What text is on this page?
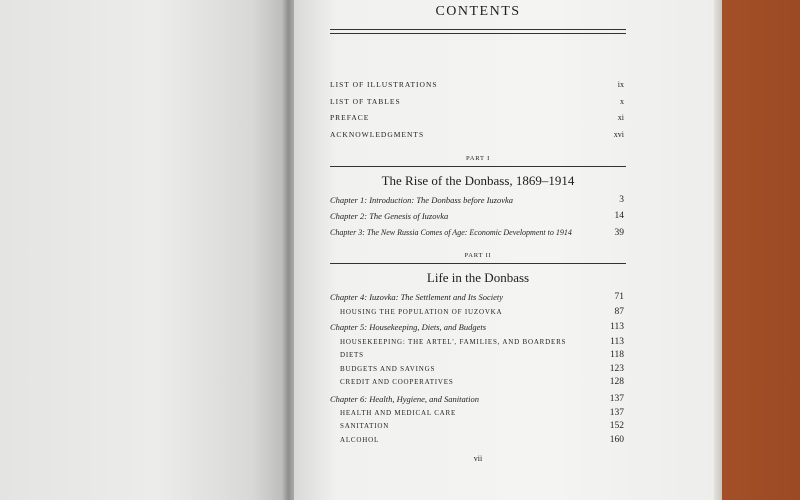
CONTENTS
LIST OF ILLUSTRATIONS	ix
LIST OF TABLES	x
PREFACE	xi
ACKNOWLEDGMENTS	xvi
PART I
The Rise of the Donbass, 1869–1914
Chapter 1: Introduction: The Donbass before Iuzovka	3
Chapter 2: The Genesis of Iuzovka	14
Chapter 3: The New Russia Comes of Age: Economic Development to 1914	39
PART II
Life in the Donbass
Chapter 4: Iuzovka: The Settlement and Its Society	71
HOUSING THE POPULATION OF IUZOVKA	87
Chapter 5: Housekeeping, Diets, and Budgets	113
HOUSEKEEPING: THE ARTEL', FAMILIES, AND BOARDERS	113
DIETS	118
BUDGETS AND SAVINGS	123
CREDIT AND COOPERATIVES	128
Chapter 6: Health, Hygiene, and Sanitation	137
HEALTH AND MEDICAL CARE	137
SANITATION	152
ALCOHOL	160
vii
